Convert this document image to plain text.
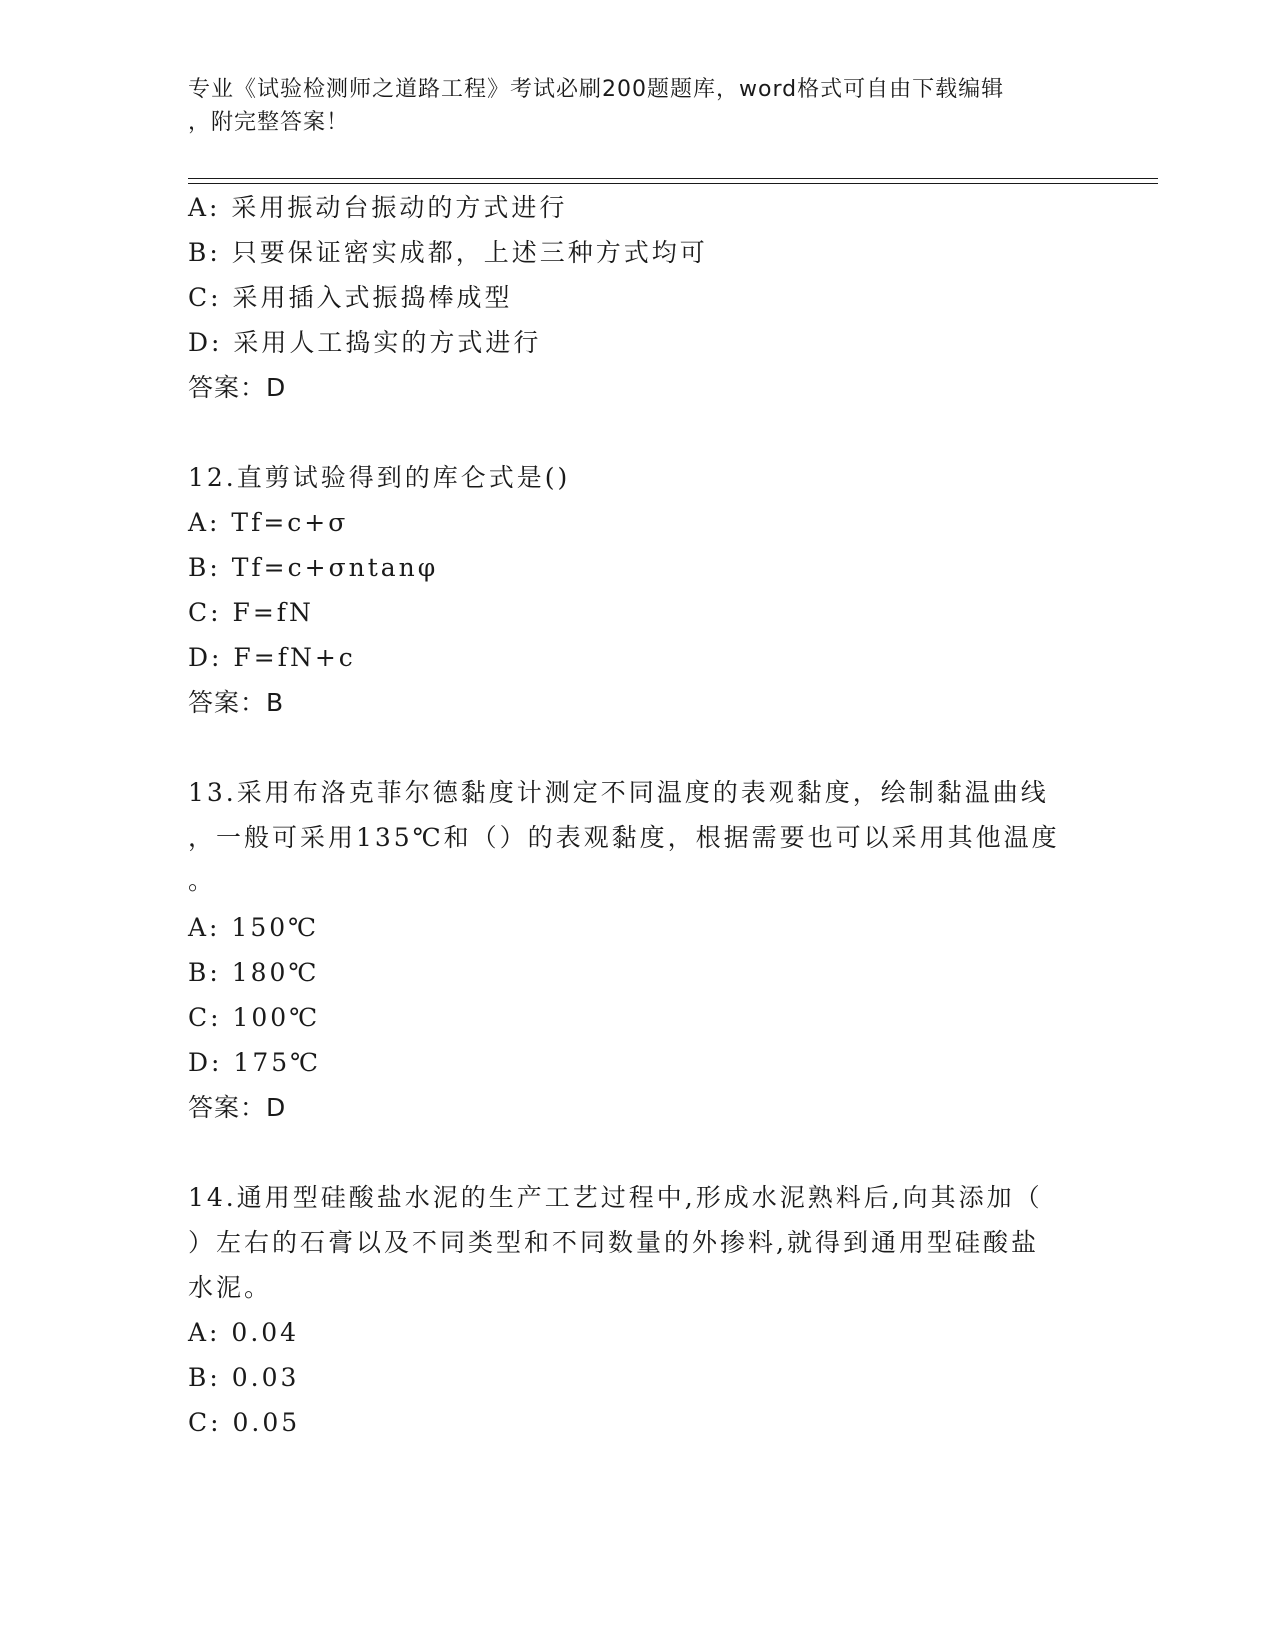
专业《试验检测师之道路工程》考试必刷200题题库，word格式可自由下载编辑
，附完整答案！
A: 采用振动台振动的方式进行
B: 只要保证密实成都，上述三种方式均可
C: 采用插入式振捣棒成型
D: 采用人工捣实的方式进行
答案：D
12.直剪试验得到的库仑式是()
A: Tf=c+σ
B: Tf=c+σntanφ
C: F=fN
D: F=fN+c
答案：B
13.采用布洛克菲尔德黏度计测定不同温度的表观黏度，绘制黏温曲线
，一般可采用135℃和（）的表观黏度，根据需要也可以采用其他温度
。
A: 150℃
B: 180℃
C: 100℃
D: 175℃
答案：D
14.通用型硅酸盐水泥的生产工艺过程中,形成水泥熟料后,向其添加（
）左右的石膏以及不同类型和不同数量的外掺料,就得到通用型硅酸盐
水泥。
A: 0.04
B: 0.03
C: 0.05
